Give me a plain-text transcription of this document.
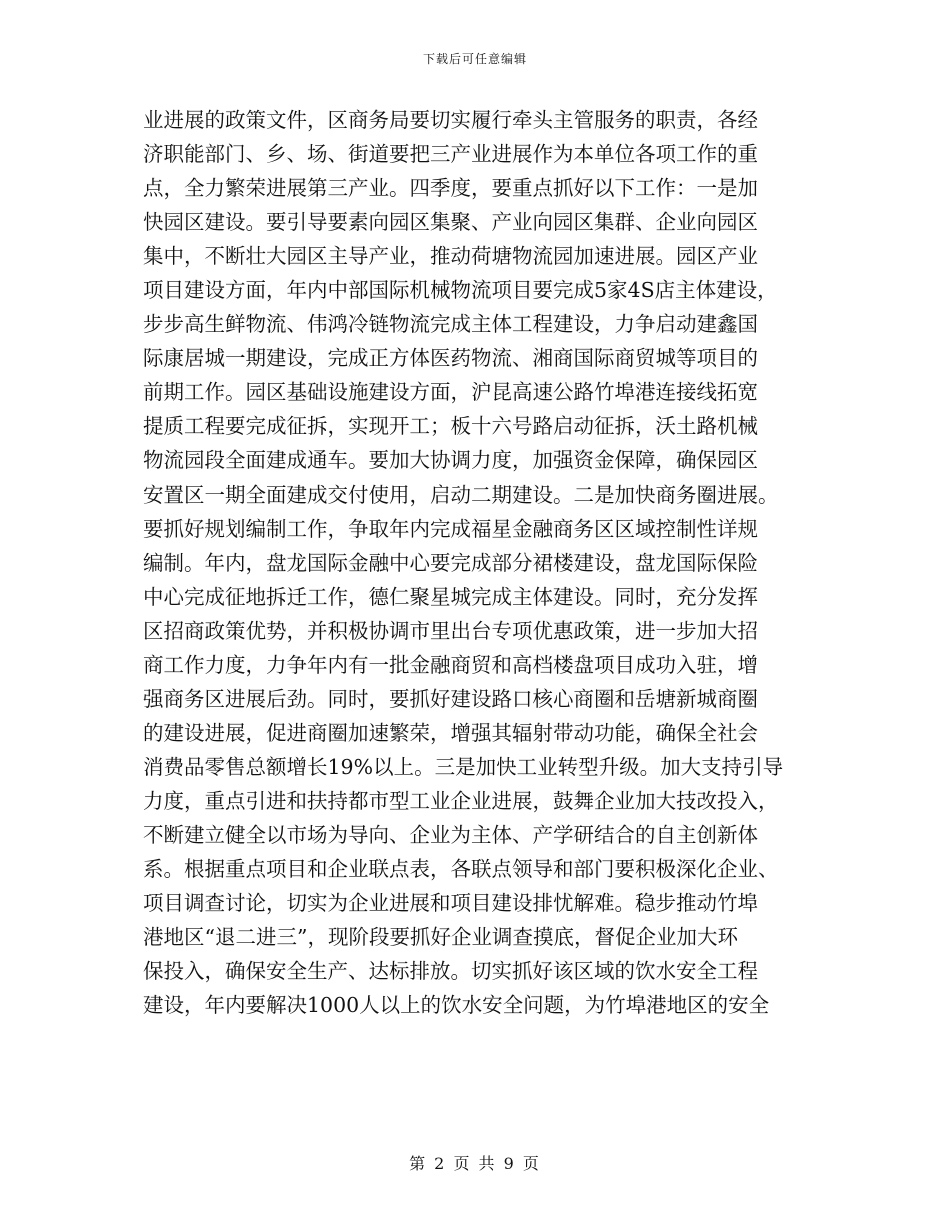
下载后可任意编辑
业进展的政策文件，区商务局要切实履行牵头主管服务的职责，各经
济职能部门、乡、场、街道要把三产业进展作为本单位各项工作的重
点，全力繁荣进展第三产业。四季度，要重点抓好以下工作：一是加
快园区建设。要引导要素向园区集聚、产业向园区集群、企业向园区
集中，不断壮大园区主导产业，推动荷塘物流园加速进展。园区产业
项目建设方面，年内中部国际机械物流项目要完成5家4S店主体建设，
步步高生鲜物流、伟鸿冷链物流完成主体工程建设，力争启动建鑫国
际康居城一期建设，完成正方体医药物流、湘商国际商贸城等项目的
前期工作。园区基础设施建设方面，沪昆高速公路竹埠港连接线拓宽
提质工程要完成征拆，实现开工；板十六号路启动征拆，沃土路机械
物流园段全面建成通车。要加大协调力度，加强资金保障，确保园区
安置区一期全面建成交付使用，启动二期建设。二是加快商务圈进展。
要抓好规划编制工作，争取年内完成福星金融商务区区域控制性详规
编制。年内，盘龙国际金融中心要完成部分裙楼建设，盘龙国际保险
中心完成征地拆迁工作，德仁聚星城完成主体建设。同时，充分发挥
区招商政策优势，并积极协调市里出台专项优惠政策，进一步加大招
商工作力度，力争年内有一批金融商贸和高档楼盘项目成功入驻，增
强商务区进展后劲。同时，要抓好建设路口核心商圈和岳塘新城商圈
的建设进展，促进商圈加速繁荣，增强其辐射带动功能，确保全社会
消费品零售总额增长19%以上。三是加快工业转型升级。加大支持引导
力度，重点引进和扶持都市型工业企业进展，鼓舞企业加大技改投入，
不断建立健全以市场为导向、企业为主体、产学研结合的自主创新体
系。根据重点项目和企业联点表，各联点领导和部门要积极深化企业、
项目调查讨论，切实为企业进展和项目建设排忧解难。稳步推动竹埠
港地区“退二进三”，现阶段要抓好企业调查摸底，督促企业加大环
保投入，确保安全生产、达标排放。切实抓好该区域的饮水安全工程
建设，年内要解决1000人以上的饮水安全问题，为竹埠港地区的安全
第 2 页 共 9 页
